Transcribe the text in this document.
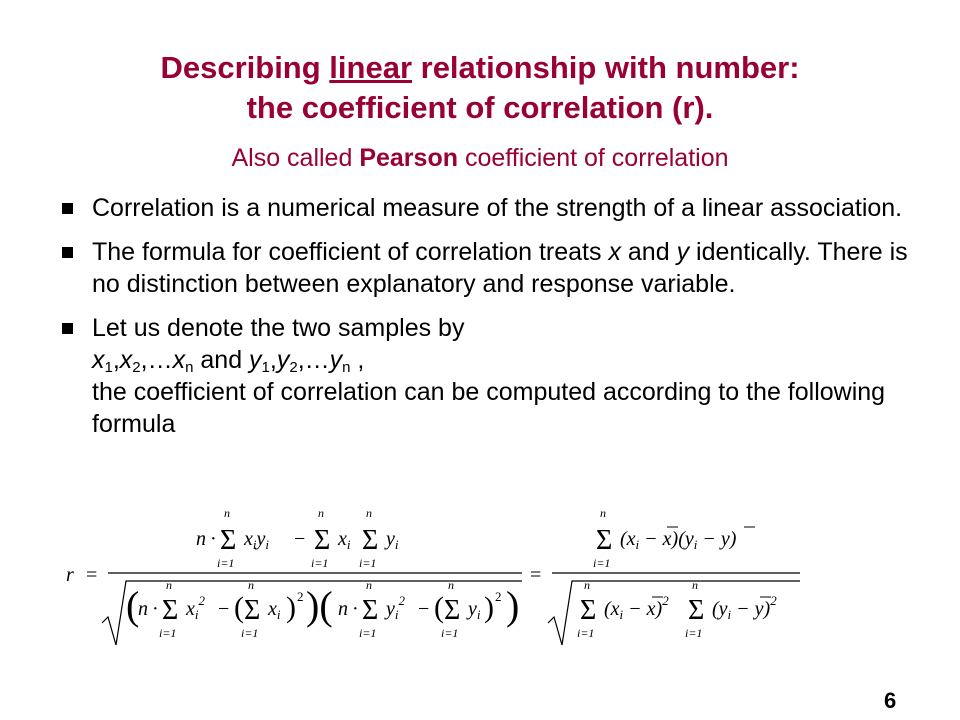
Describing linear relationship with number:
the coefficient of correlation (r).
Also called Pearson coefficient of correlation
Correlation is a numerical measure of the strength of a linear association.
The formula for coefficient of correlation treats x and y identically. There is no distinction between explanatory and response variable.
Let us denote the two samples by
$x_1,x_2,\dots x_n$ and $y_1,y_2,\dots y_n$ ,
the coefficient of correlation can be computed according to the following formula
r =
n · Σ
n
i=1
$x_iy_i - \Sigma$
n
i=1
$x_i$ Σ
n
i=1
$y_i$
(
n · Σ
n
i=1
$x_i^2$ − ( Σ
n
i=1
$x_i$ ) 2 )( n · Σ
n
i=1
$y_i^2$ − ( Σ
n
i=1
$y_i$ ) 2 )
=
Σ
n
i=1
$(x_i - x)(y_i - y)$
Σ
n
i=1
$(x_i - x)^2$ Σ
n
i=1
$(y_i - y)^2$
6
